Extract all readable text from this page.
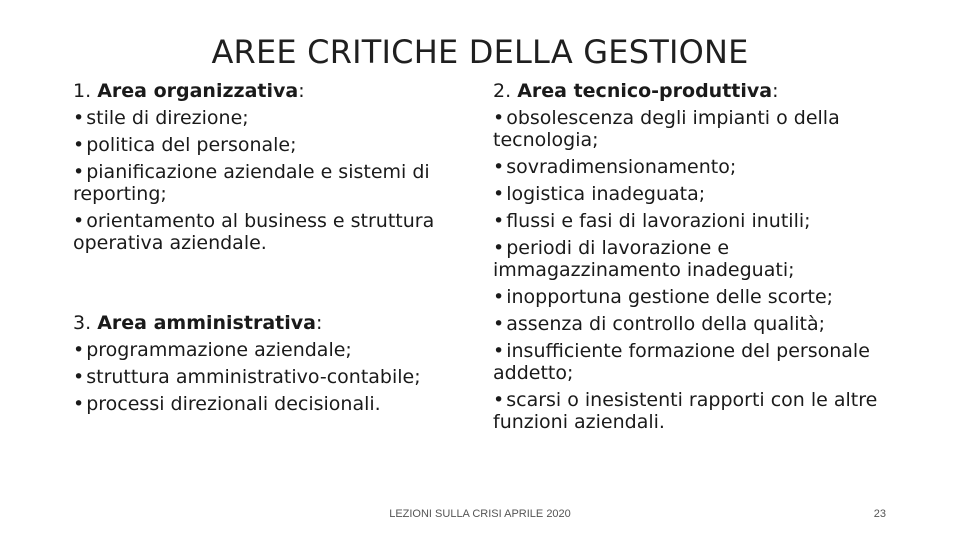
AREE CRITICHE DELLA GESTIONE
1. Area organizzativa:
• stile di direzione;
• politica del personale;
• pianificazione aziendale e sistemi di reporting;
• orientamento al business e struttura operativa aziendale.
3. Area amministrativa:
• programmazione aziendale;
• struttura amministrativo-contabile;
• processi direzionali decisionali.
2. Area tecnico-produttiva:
• obsolescenza degli impianti o della tecnologia;
• sovradimensionamento;
• logistica inadeguata;
• flussi e fasi di lavorazioni inutili;
• periodi di lavorazione e immagazzinamento inadeguati;
• inopportuna gestione delle scorte;
• assenza di controllo della qualità;
• insufficiente formazione del personale addetto;
• scarsi o inesistenti rapporti con le altre funzioni aziendali.
LEZIONI SULLA CRISI APRILE 2020	23
